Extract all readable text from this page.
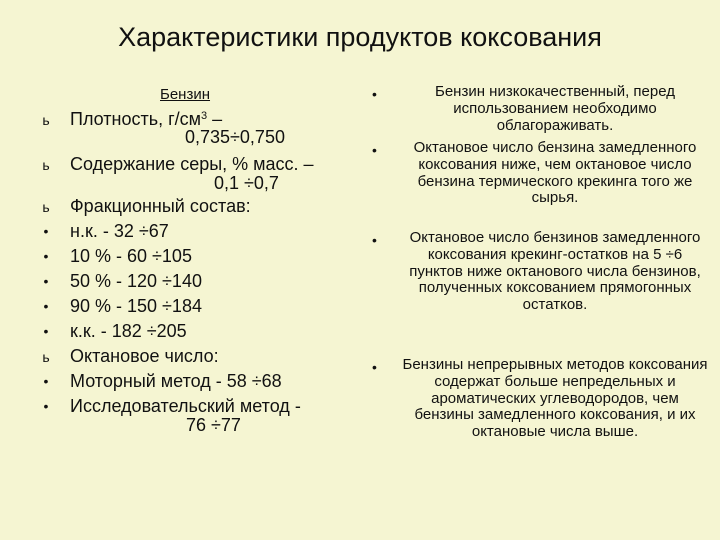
Характеристики продуктов коксования
Бензин
ь Плотность, $г/см^3$ –
0,735÷0,750
ь Содержание серы, % масс. –
0,1 ÷0,7
ь Фракционный состав:
• н.к. - 32 ÷67
• 10 % - 60 ÷105
• 50 % - 120 ÷140
• 90 % - 150 ÷184
• к.к. - 182 ÷205
ь Октановое число:
• Моторный метод - 58 ÷68
• Исследовательский метод -
76 ÷77
•	Бензин низкокачественный, перед использованием необходимо облагораживать.
•	Октановое число бензина замедленного коксования ниже, чем октановое число бензина термического крекинга того же сырья.
•	Октановое число бензинов замедленного коксования крекинг-остатков на 5 ÷6 пунктов ниже октанового числа бензинов, полученных коксованием прямогонных остатков.
• Бензины непрерывных методов коксования содержат больше непредельных и ароматических углеводородов, чем бензины замедленного коксования, и их октановые числа выше.
